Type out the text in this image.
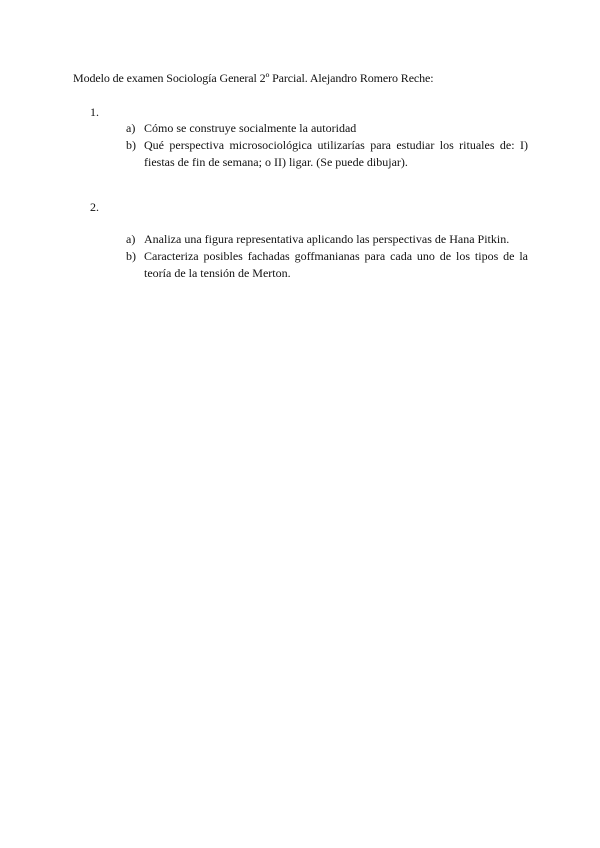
Modelo de examen Sociología General 2º Parcial. Alejandro Romero Reche:
1.
a) Cómo se construye socialmente la autoridad
b) Qué perspectiva microsociológica utilizarías para estudiar los rituales de: I) fiestas de fin de semana; o II) ligar. (Se puede dibujar).
2.
a) Analiza una figura representativa aplicando las perspectivas de Hana Pitkin.
b) Caracteriza posibles fachadas goffmanianas para cada uno de los tipos de la teoría de la tensión de Merton.
